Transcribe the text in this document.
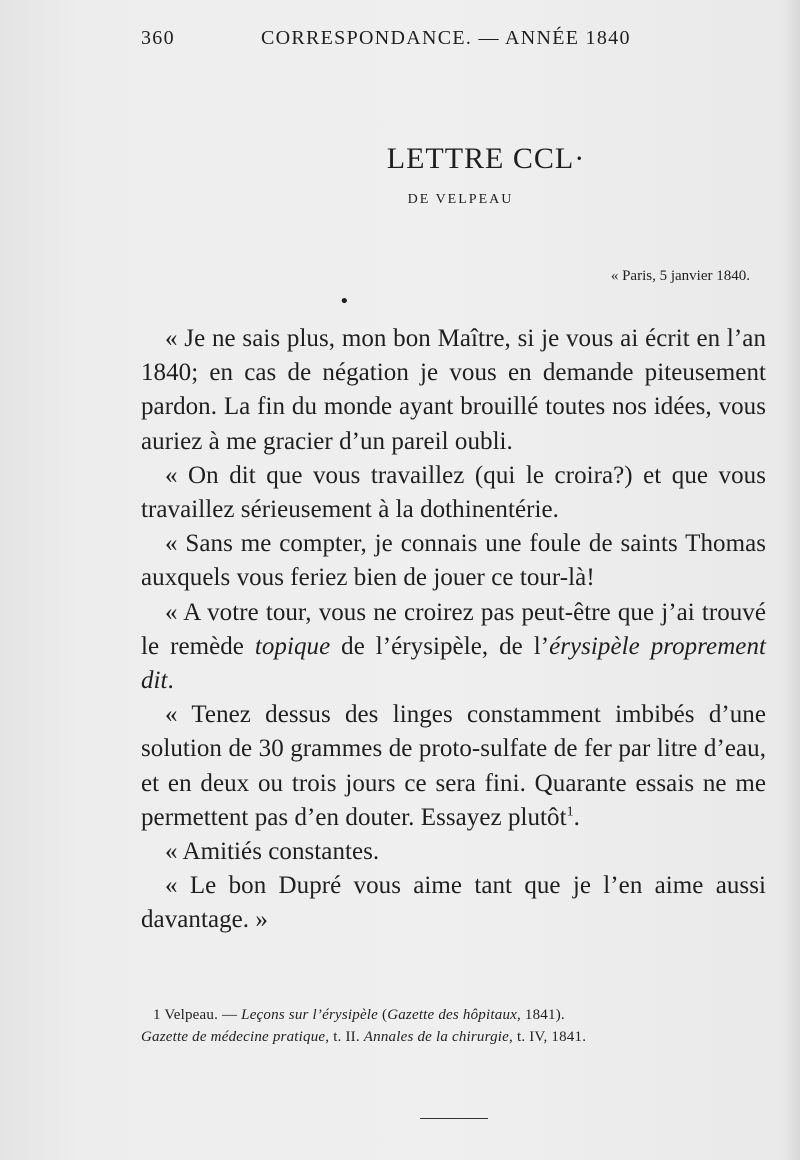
•
360	CORRESPONDANCE. — ANNÉE 1840
LETTRE CCL·
DE VELPEAU
« Paris, 5 janvier 1840.

« Je ne sais plus, mon bon Maître, si je vous ai écrit en l’an 1840; en cas de négation je vous en demande piteusement pardon. La fin du monde ayant brouillé toutes nos idées, vous auriez à me gracier d’un pareil oubli.

« On dit que vous travaillez (qui le croira?) et que vous travaillez sérieusement à la dothinentérie.

« Sans me compter, je connais une foule de saints Thomas auxquels vous feriez bien de jouer ce tour-là!

« A votre tour, vous ne croirez pas peut-être que j’ai trouvé le remède topique de l’érysipèle, de l’érysipèle proprement dit.

« Tenez dessus des linges constamment imbibés d’une solution de 30 grammes de proto-sulfate de fer par litre d’eau, et en deux ou trois jours ce sera fini. Quarante essais ne me permettent pas d’en douter. Essayez plutôt$^1$.

« Amitiés constantes.

« Le bon Dupré vous aime tant que je l’en aime aussi davantage. »

1 Velpeau. — Leçons sur l’érysipèle (Gazette des hôpitaux, 1841).

Gazette de médecine pratique, t. II. Annales de la chirurgie, t. IV, 1841.
